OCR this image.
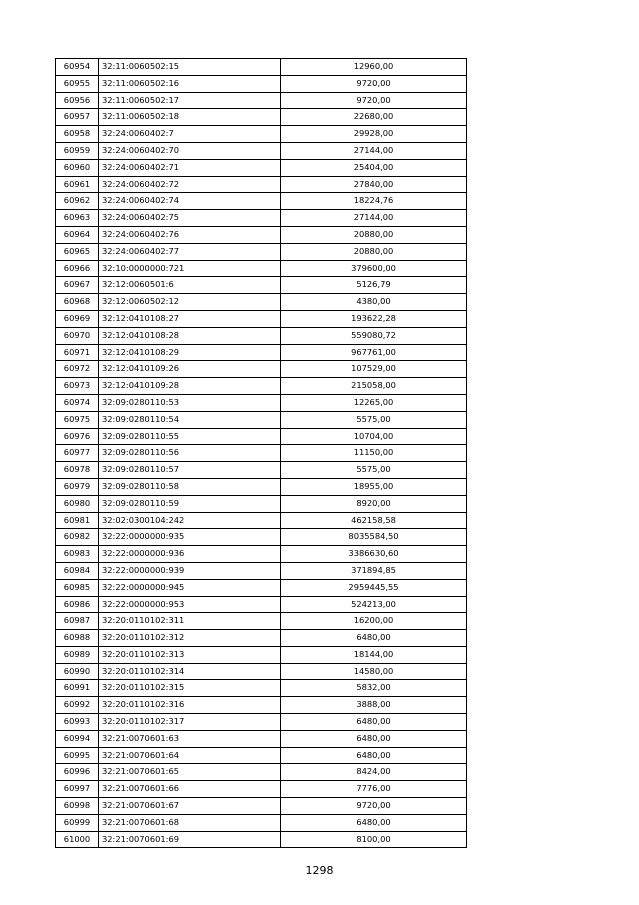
60954	32:11:0060502:15	12960,00
60955	32:11:0060502:16	9720,00
60956	32:11:0060502:17	9720,00
60957	32:11:0060502:18	22680,00
60958	32:24:0060402:7	29928,00
60959	32:24:0060402:70	27144,00
60960	32:24:0060402:71	25404,00
60961	32:24:0060402:72	27840,00
60962	32:24:0060402:74	18224,76
60963	32:24:0060402:75	27144,00
60964	32:24:0060402:76	20880,00
60965	32:24:0060402:77	20880,00
60966	32:10:0000000:721	379600,00
60967	32:12:0060501:6	5126,79
60968	32:12:0060502:12	4380,00
60969	32:12:0410108:27	193622,28
60970	32:12:0410108:28	559080,72
60971	32:12:0410108:29	967761,00
60972	32:12:0410109:26	107529,00
60973	32:12:0410109:28	215058,00
60974	32:09:0280110:53	12265,00
60975	32:09:0280110:54	5575,00
60976	32:09:0280110:55	10704,00
60977	32:09:0280110:56	11150,00
60978	32:09:0280110:57	5575,00
60979	32:09:0280110:58	18955,00
60980	32:09:0280110:59	8920,00
60981	32:02:0300104:242	462158,58
60982	32:22:0000000:935	8035584,50
60983	32:22:0000000:936	3386630,60
60984	32:22:0000000:939	371894,85
60985	32:22:0000000:945	2959445,55
60986	32:22:0000000:953	524213,00
60987	32:20:0110102:311	16200,00
60988	32:20:0110102:312	6480,00
60989	32:20:0110102:313	18144,00
60990	32:20:0110102:314	14580,00
60991	32:20:0110102:315	5832,00
60992	32:20:0110102:316	3888,00
60993	32:20:0110102:317	6480,00
60994	32:21:0070601:63	6480,00
60995	32:21:0070601:64	6480,00
60996	32:21:0070601:65	8424,00
60997	32:21:0070601:66	7776,00
60998	32:21:0070601:67	9720,00
60999	32:21:0070601:68	6480,00
61000	32:21:0070601:69	8100,00
1298
